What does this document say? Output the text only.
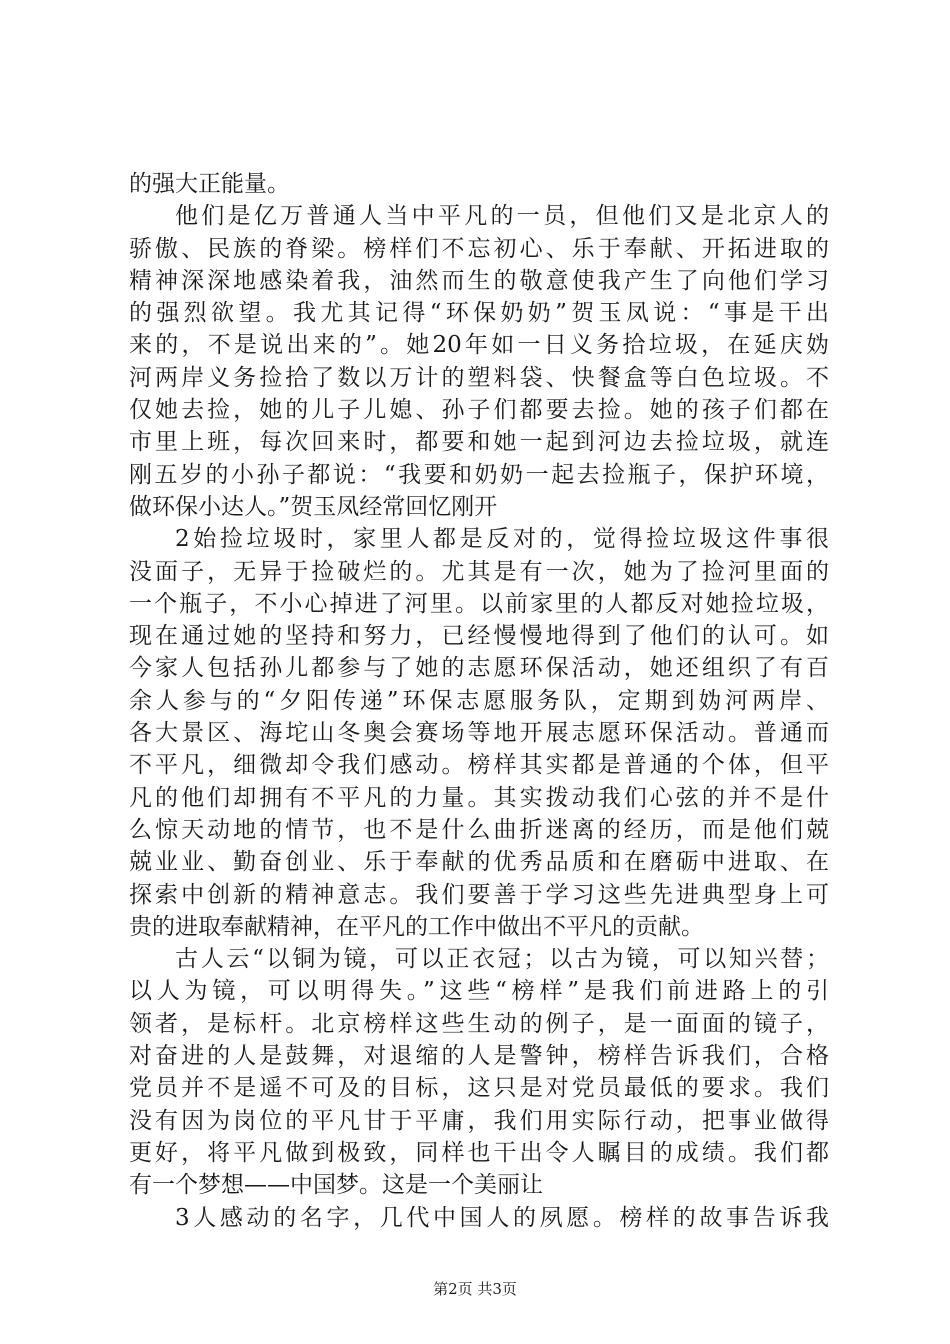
的强大正能量。
他们是亿万普通人当中平凡的一员，但他们又是北京人的
骄傲、民族的脊梁。榜样们不忘初心、乐于奉献、开拓进取的
精神深深地感染着我，油然而生的敬意使我产生了向他们学习
的强烈欲望。我尤其记得“环保奶奶”贺玉凤说：“事是干出
来的，不是说出来的”。她20年如一日义务拾垃圾，在延庆妫
河两岸义务捡拾了数以万计的塑料袋、快餐盒等白色垃圾。不
仅她去捡，她的儿子儿媳、孙子们都要去捡。她的孩子们都在
市里上班，每次回来时，都要和她一起到河边去捡垃圾，就连
刚五岁的小孙子都说：“我要和奶奶一起去捡瓶子，保护环境，
做环保小达人。”贺玉凤经常回忆刚开
2始捡垃圾时，家里人都是反对的，觉得捡垃圾这件事很
没面子，无异于捡破烂的。尤其是有一次，她为了捡河里面的
一个瓶子，不小心掉进了河里。以前家里的人都反对她捡垃圾，
现在通过她的坚持和努力，已经慢慢地得到了他们的认可。如
今家人包括孙儿都参与了她的志愿环保活动，她还组织了有百
余人参与的“夕阳传递”环保志愿服务队，定期到妫河两岸、
各大景区、海坨山冬奥会赛场等地开展志愿环保活动。普通而
不平凡，细微却令我们感动。榜样其实都是普通的个体，但平
凡的他们却拥有不平凡的力量。其实拨动我们心弦的并不是什
么惊天动地的情节，也不是什么曲折迷离的经历，而是他们兢
兢业业、勤奋创业、乐于奉献的优秀品质和在磨砺中进取、在
探索中创新的精神意志。我们要善于学习这些先进典型身上可
贵的进取奉献精神，在平凡的工作中做出不平凡的贡献。
古人云“以铜为镜，可以正衣冠；以古为镜，可以知兴替；
以人为镜，可以明得失。”这些“榜样”是我们前进路上的引
领者，是标杆。北京榜样这些生动的例子，是一面面的镜子，
对奋进的人是鼓舞，对退缩的人是警钟，榜样告诉我们，合格
党员并不是遥不可及的目标，这只是对党员最低的要求。我们
没有因为岗位的平凡甘于平庸，我们用实际行动，把事业做得
更好，将平凡做到极致，同样也干出令人瞩目的成绩。我们都
有一个梦想——中国梦。这是一个美丽让
3人感动的名字，几代中国人的夙愿。榜样的故事告诉我
第2页 共3页
